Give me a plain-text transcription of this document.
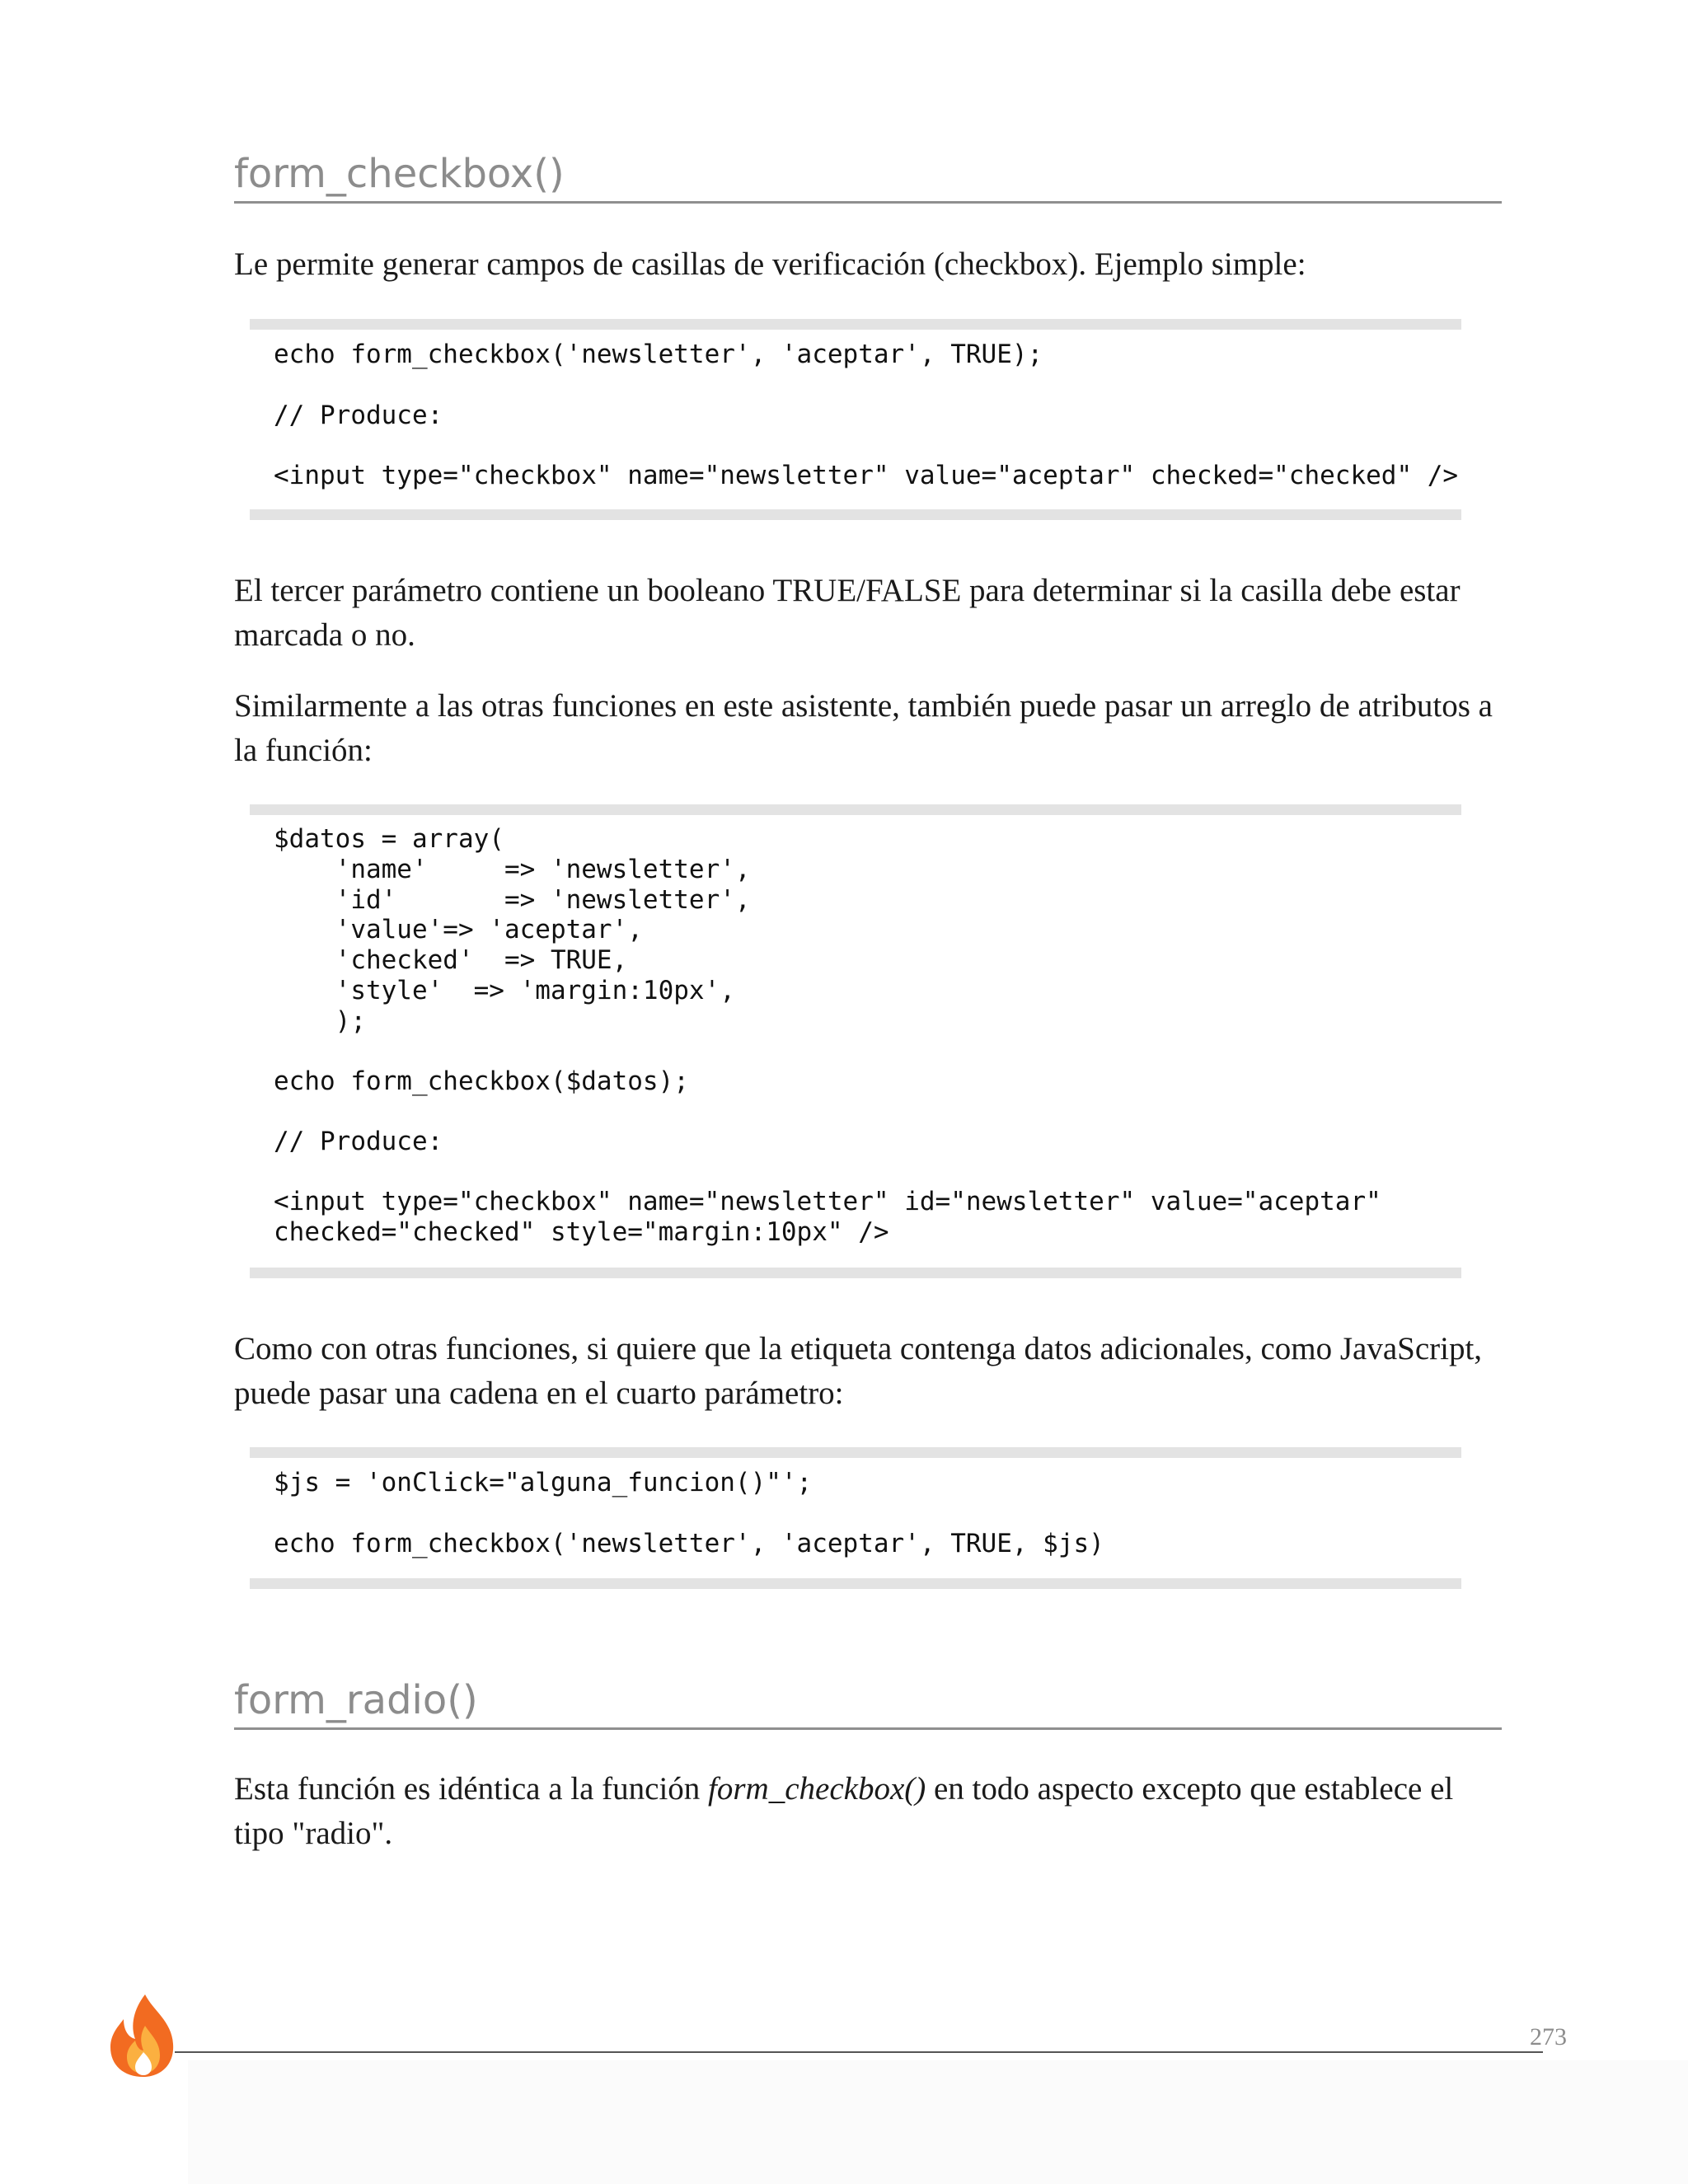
form_checkbox()

Le permite generar campos de casillas de verificación (checkbox). Ejemplo simple:

echo form_checkbox('newsletter', 'aceptar', TRUE);
// Produce:
<input type="checkbox" name="newsletter" value="aceptar" checked="checked" />

El tercer parámetro contiene un booleano TRUE/FALSE para determinar si la casilla debe estar marcada o no.

Similarmente a las otras funciones en este asistente, también puede pasar un arreglo de atributos a la función:

$datos = array(
'name'     => 'newsletter',
'id'       => 'newsletter',
'value'=> 'aceptar',
'checked'  => TRUE,
'style'  => 'margin:10px',
);
echo form_checkbox($datos);
// Produce:
<input type="checkbox" name="newsletter" id="newsletter" value="aceptar"
checked="checked" style="margin:10px" />

Como con otras funciones, si quiere que la etiqueta contenga datos adicionales, como JavaScript, puede pasar una cadena en el cuarto parámetro:

$js = 'onClick="alguna_funcion()"';
echo form_checkbox('newsletter', 'aceptar', TRUE, $js)
form_radio()

Esta función es idéntica a la función form_checkbox() en todo aspecto excepto que establece el tipo "radio".

273
